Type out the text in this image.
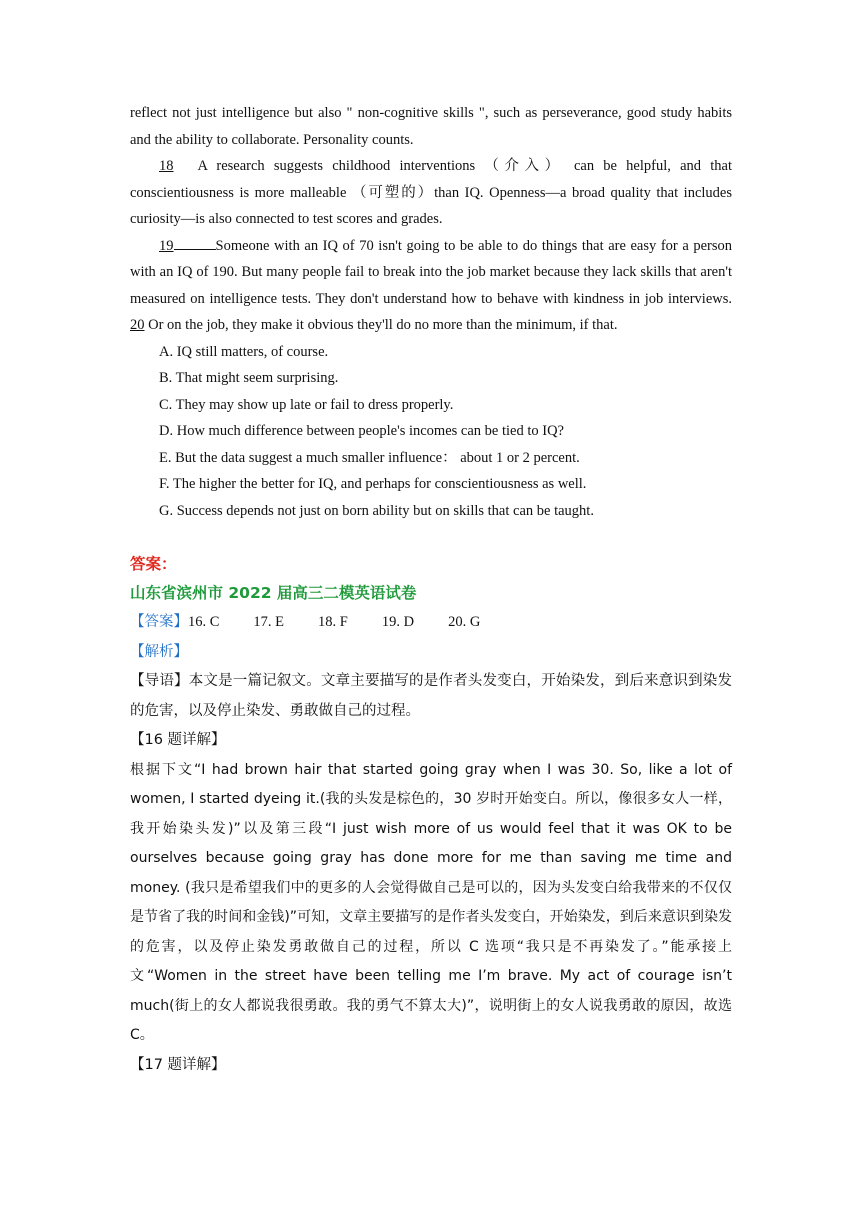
reflect not just intelligence but also " non-cognitive skills ", such as perseverance, good study habits and the ability to collaborate. Personality counts.

18 A research suggests childhood interventions （介入） can be helpful, and that conscientiousness is more malleable （可塑的）than IQ. Openness—a broad quality that includes curiosity—is also connected to test scores and grades.

19	Someone with an IQ of 70 isn't going to be able to do things that are easy for a person with an IQ of 190. But many people fail to break into the job market because they lack skills that aren't measured on intelligence tests. They don't understand how to behave with kindness in job interviews. 20 Or on the job, they make it obvious they'll do no more than the minimum, if that.

A. IQ still matters, of course.

B. That might seem surprising.

C. They may show up late or fail to dress properly.

D. How much difference between people's incomes can be tied to IQ?

E. But the data suggest a much smaller influence： about 1 or 2 percent.

F. The higher the better for IQ, and perhaps for conscientiousness as well.

G. Success depends not just on born ability but on skills that can be taught.

答案：
山东省滨州市 2022 届高三二模英语试卷

【答案】16. C 17. E 18. F 19. D 20. G

【解析】

【导语】本文是一篇记叙文。文章主要描写的是作者头发变白，开始染发，到后来意识到染发的危害，以及停止染发、勇敢做自己的过程。

【16 题详解】

根据下文“I had brown hair that started going gray when I was 30. So, like a lot of women, I started dyeing it.(我的头发是棕色的，30 岁时开始变白。所以，像很多女人一样，我开始染头发)”以及第三段“I just wish more of us would feel that it was OK to be ourselves because going gray has done more for me than saving me time and money. (我只是希望我们中的更多的人会觉得做自己是可以的，因为头发变白给我带来的不仅仅是节省了我的时间和金钱)”可知，文章主要描写的是作者头发变白，开始染发，到后来意识到染发的危害，以及停止染发勇敢做自己的过程，所以 C 选项“我只是不再染发了。”能承接上文“Women in the street have been telling me I’m brave. My act of courage isn’t much(街上的女人都说我很勇敢。我的勇气不算太大)”，说明街上的女人说我勇敢的原因，故选 C。

【17 题详解】
